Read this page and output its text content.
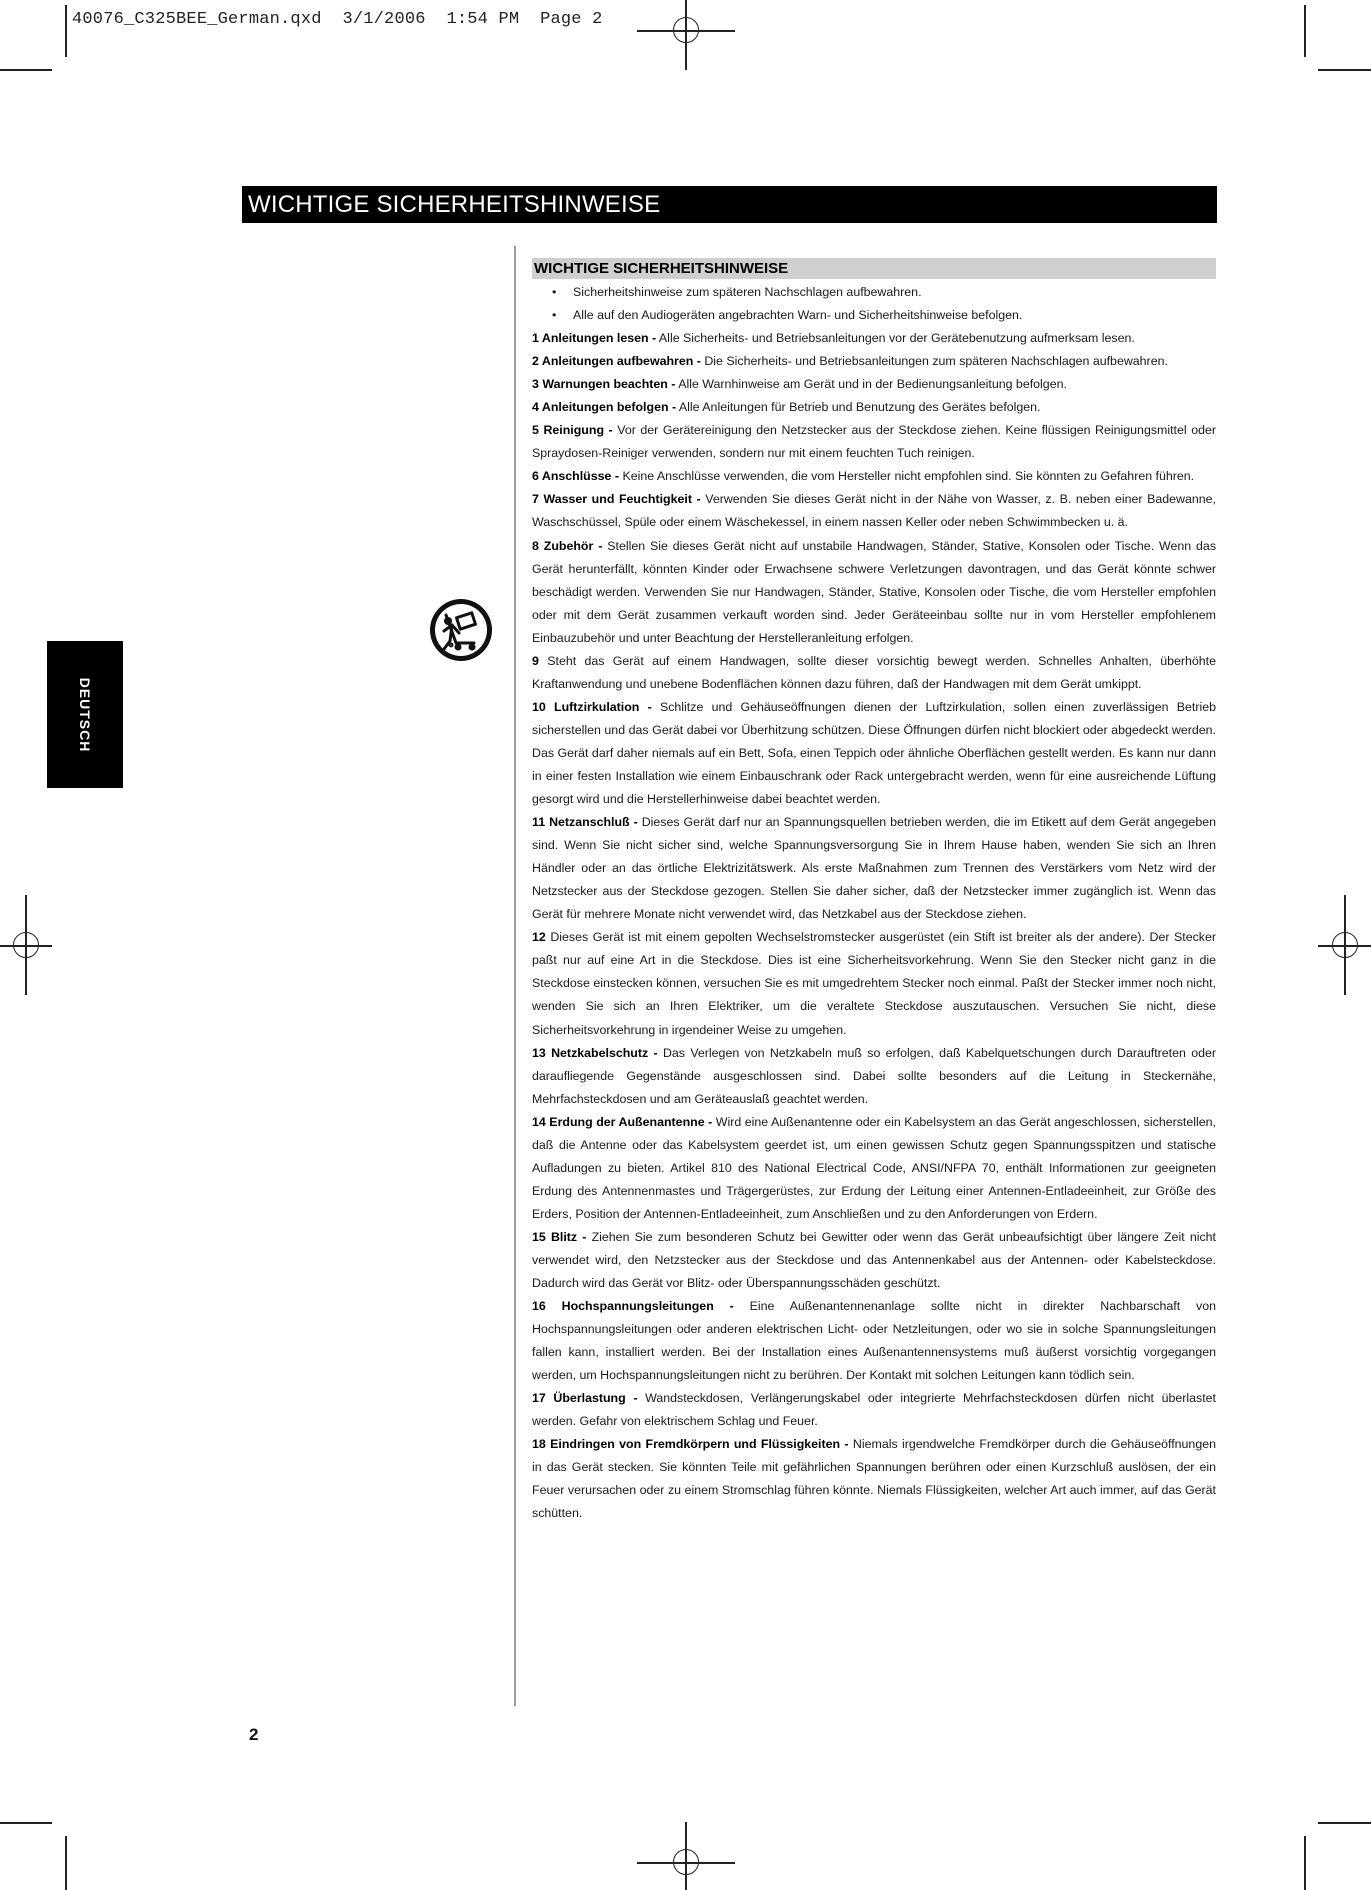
40076_C325BEE_German.qxd  3/1/2006  1:54 PM  Page 2
WICHTIGE SICHERHEITSHINWEISE
DEUTSCH
WICHTIGE SICHERHEITSHINWEISE
• Sicherheitshinweise zum späteren Nachschlagen aufbewahren.
• Alle auf den Audiogeräten angebrachten Warn- und Sicherheitshinweise befolgen.

1 Anleitungen lesen - Alle Sicherheits- und Betriebsanleitungen vor der Gerätebenutzung aufmerksam lesen.

2 Anleitungen aufbewahren - Die Sicherheits- und Betriebsanleitungen zum späteren Nachschlagen aufbewahren.

3 Warnungen beachten - Alle Warnhinweise am Gerät und in der Bedienungsanleitung befolgen.

4 Anleitungen befolgen - Alle Anleitungen für Betrieb und Benutzung des Gerätes befolgen.

5 Reinigung - Vor der Gerätereinigung den Netzstecker aus der Steckdose ziehen. Keine flüssigen Reinigungsmittel oder Spraydosen-Reiniger verwenden, sondern nur mit einem feuchten Tuch reinigen.

6 Anschlüsse - Keine Anschlüsse verwenden, die vom Hersteller nicht empfohlen sind. Sie könnten zu Gefahren führen.

7 Wasser und Feuchtigkeit - Verwenden Sie dieses Gerät nicht in der Nähe von Wasser, z. B. neben einer Badewanne, Waschschüssel, Spüle oder einem Wäschekessel, in einem nassen Keller oder neben Schwimmbecken u. ä.

8 Zubehör - Stellen Sie dieses Gerät nicht auf unstabile Handwagen, Ständer, Stative, Konsolen oder Tische. Wenn das Gerät herunterfällt, könnten Kinder oder Erwachsene schwere Verletzungen davontragen, und das Gerät könnte schwer beschädigt werden. Verwenden Sie nur Handwagen, Ständer, Stative, Konsolen oder Tische, die vom Hersteller empfohlen oder mit dem Gerät zusammen verkauft worden sind. Jeder Geräteeinbau sollte nur in vom Hersteller empfohlenem Einbauzubehör und unter Beachtung der Herstelleranleitung erfolgen.

9 Steht das Gerät auf einem Handwagen, sollte dieser vorsichtig bewegt werden. Schnelles Anhalten, überhöhte Kraftanwendung und unebene Bodenflächen können dazu führen, daß der Handwagen mit dem Gerät umkippt.

10 Luftzirkulation - Schlitze und Gehäuseöffnungen dienen der Luftzirkulation, sollen einen zuverlässigen Betrieb sicherstellen und das Gerät dabei vor Überhitzung schützen. Diese Öffnungen dürfen nicht blockiert oder abgedeckt werden. Das Gerät darf daher niemals auf ein Bett, Sofa, einen Teppich oder ähnliche Oberflächen gestellt werden. Es kann nur dann in einer festen Installation wie einem Einbauschrank oder Rack untergebracht werden, wenn für eine ausreichende Lüftung gesorgt wird und die Herstellerhinweise dabei beachtet werden.

11 Netzanschluß - Dieses Gerät darf nur an Spannungsquellen betrieben werden, die im Etikett auf dem Gerät angegeben sind. Wenn Sie nicht sicher sind, welche Spannungsversorgung Sie in Ihrem Hause haben, wenden Sie sich an Ihren Händler oder an das örtliche Elektrizitätswerk. Als erste Maßnahmen zum Trennen des Verstärkers vom Netz wird der Netzstecker aus der Steckdose gezogen. Stellen Sie daher sicher, daß der Netzstecker immer zugänglich ist. Wenn das Gerät für mehrere Monate nicht verwendet wird, das Netzkabel aus der Steckdose ziehen.

12 Dieses Gerät ist mit einem gepolten Wechselstromstecker ausgerüstet (ein Stift ist breiter als der andere). Der Stecker paßt nur auf eine Art in die Steckdose. Dies ist eine Sicherheitsvorkehrung. Wenn Sie den Stecker nicht ganz in die Steckdose einstecken können, versuchen Sie es mit umgedrehtem Stecker noch einmal. Paßt der Stecker immer noch nicht, wenden Sie sich an Ihren Elektriker, um die veraltete Steckdose auszutauschen. Versuchen Sie nicht, diese Sicherheitsvorkehrung in irgendeiner Weise zu umgehen.

13 Netzkabelschutz - Das Verlegen von Netzkabeln muß so erfolgen, daß Kabelquetschungen durch Darauftreten oder daraufliegende Gegenstände ausgeschlossen sind. Dabei sollte besonders auf die Leitung in Steckernähe, Mehrfachsteckdosen und am Geräteauslaß geachtet werden.

14 Erdung der Außenantenne - Wird eine Außenantenne oder ein Kabelsystem an das Gerät angeschlossen, sicherstellen, daß die Antenne oder das Kabelsystem geerdet ist, um einen gewissen Schutz gegen Spannungsspitzen und statische Aufladungen zu bieten. Artikel 810 des National Electrical Code, ANSI/NFPA 70, enthält Informationen zur geeigneten Erdung des Antennenmastes und Trägergerüstes, zur Erdung der Leitung einer Antennen-Entladeeinheit, zur Größe des Erders, Position der Antennen-Entladeeinheit, zum Anschließen und zu den Anforderungen von Erdern.

15 Blitz - Ziehen Sie zum besonderen Schutz bei Gewitter oder wenn das Gerät unbeaufsichtigt über längere Zeit nicht verwendet wird, den Netzstecker aus der Steckdose und das Antennenkabel aus der Antennen- oder Kabelsteckdose. Dadurch wird das Gerät vor Blitz- oder Überspannungsschäden geschützt.

16 Hochspannungsleitungen - Eine Außenantennenanlage sollte nicht in direkter Nachbarschaft von Hochspannungsleitungen oder anderen elektrischen Licht- oder Netzleitungen, oder wo sie in solche Spannungsleitungen fallen kann, installiert werden. Bei der Installation eines Außenantennensystems muß äußerst vorsichtig vorgegangen werden, um Hochspannungsleitungen nicht zu berühren. Der Kontakt mit solchen Leitungen kann tödlich sein.

17 Überlastung - Wandsteckdosen, Verlängerungskabel oder integrierte Mehrfachsteckdosen dürfen nicht überlastet werden. Gefahr von elektrischem Schlag und Feuer.

18 Eindringen von Fremdkörpern und Flüssigkeiten - Niemals irgendwelche Fremdkörper durch die Gehäuseöffnungen in das Gerät stecken. Sie könnten Teile mit gefährlichen Spannungen berühren oder einen Kurzschluß auslösen, der ein Feuer verursachen oder zu einem Stromschlag führen könnte. Niemals Flüssigkeiten, welcher Art auch immer, auf das Gerät schütten.

2
